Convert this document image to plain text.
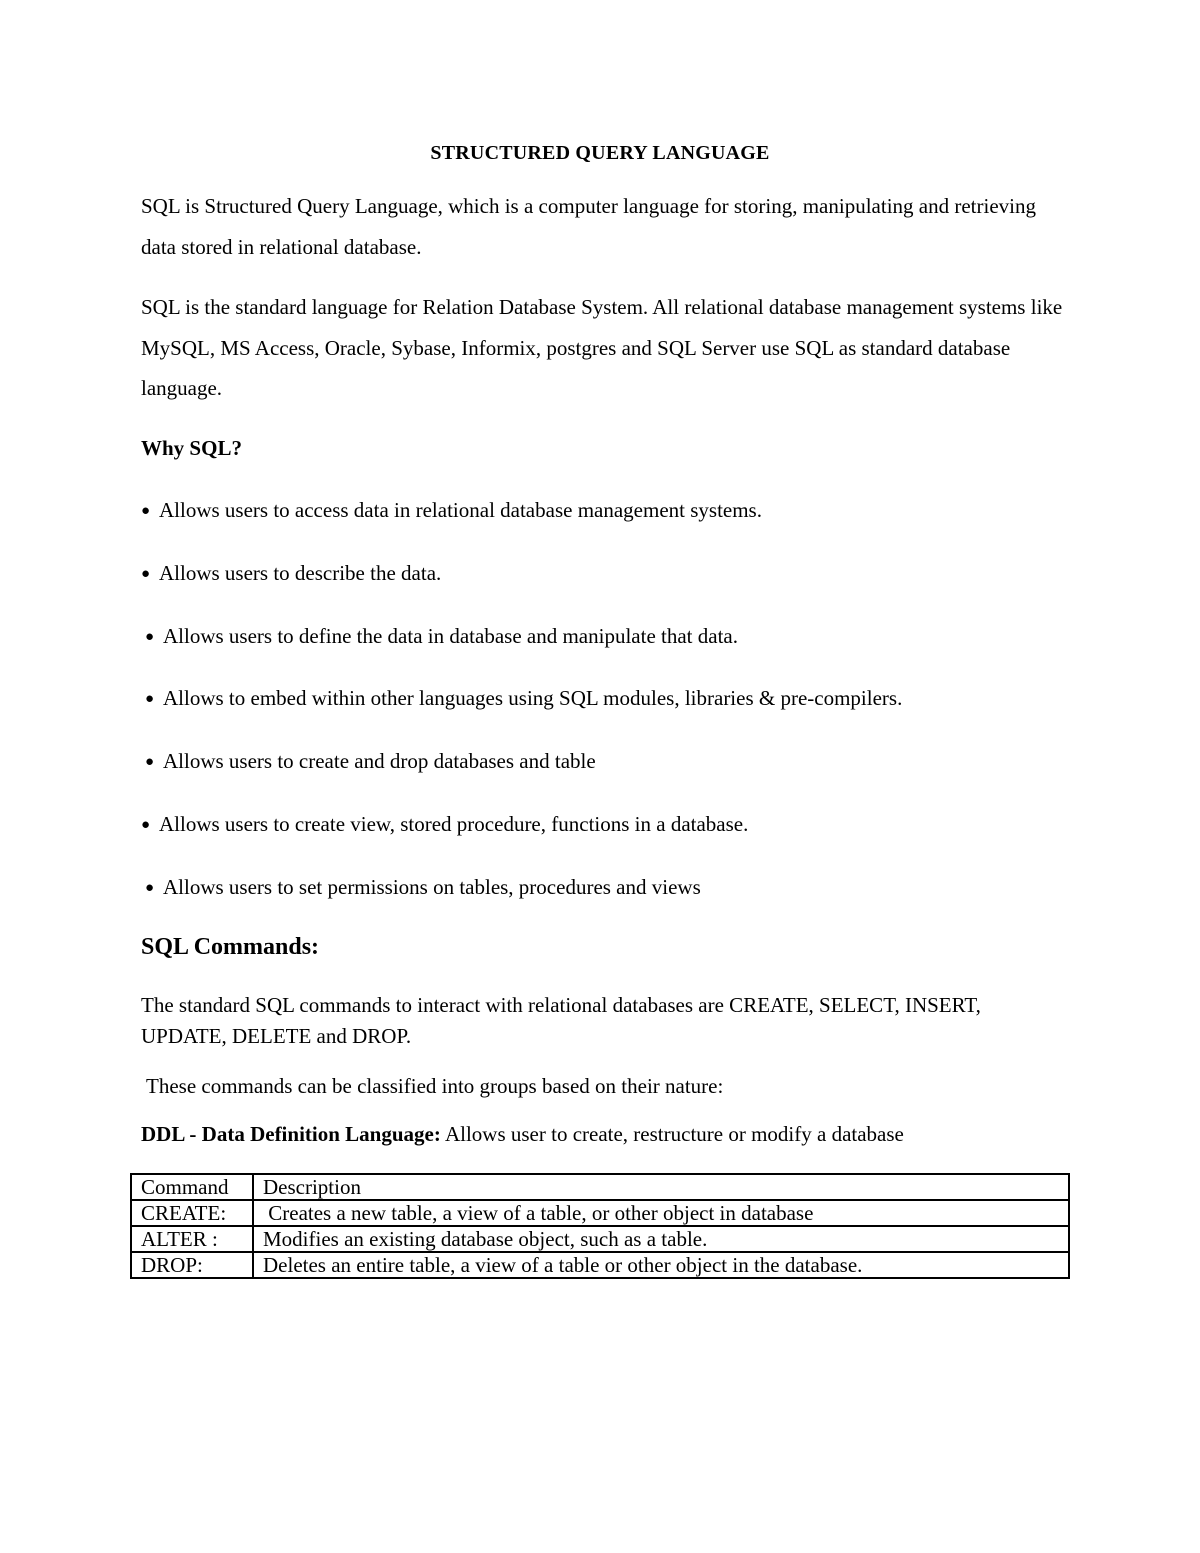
STRUCTURED QUERY LANGUAGE
SQL is Structured Query Language, which is a computer language for storing, manipulating and retrieving data stored in relational database.
SQL is the standard language for Relation Database System. All relational database management systems like MySQL, MS Access, Oracle, Sybase, Informix, postgres and SQL Server use SQL as standard database language.
Why SQL?
● Allows users to access data in relational database management systems.
● Allows users to describe the data.
● Allows users to define the data in database and manipulate that data.
● Allows to embed within other languages using SQL modules, libraries & pre-compilers.
● Allows users to create and drop databases and table
● Allows users to create view, stored procedure, functions in a database.
● Allows users to set permissions on tables, procedures and views
SQL Commands:
The standard SQL commands to interact with relational databases are CREATE, SELECT, INSERT, UPDATE, DELETE and DROP.
These commands can be classified into groups based on their nature:
DDL - Data Definition Language: Allows user to create, restructure or modify a database
Command	Description
CREATE:	Creates a new table, a view of a table, or other object in database
ALTER :	Modifies an existing database object, such as a table.
DROP:	Deletes an entire table, a view of a table or other object in the database.
